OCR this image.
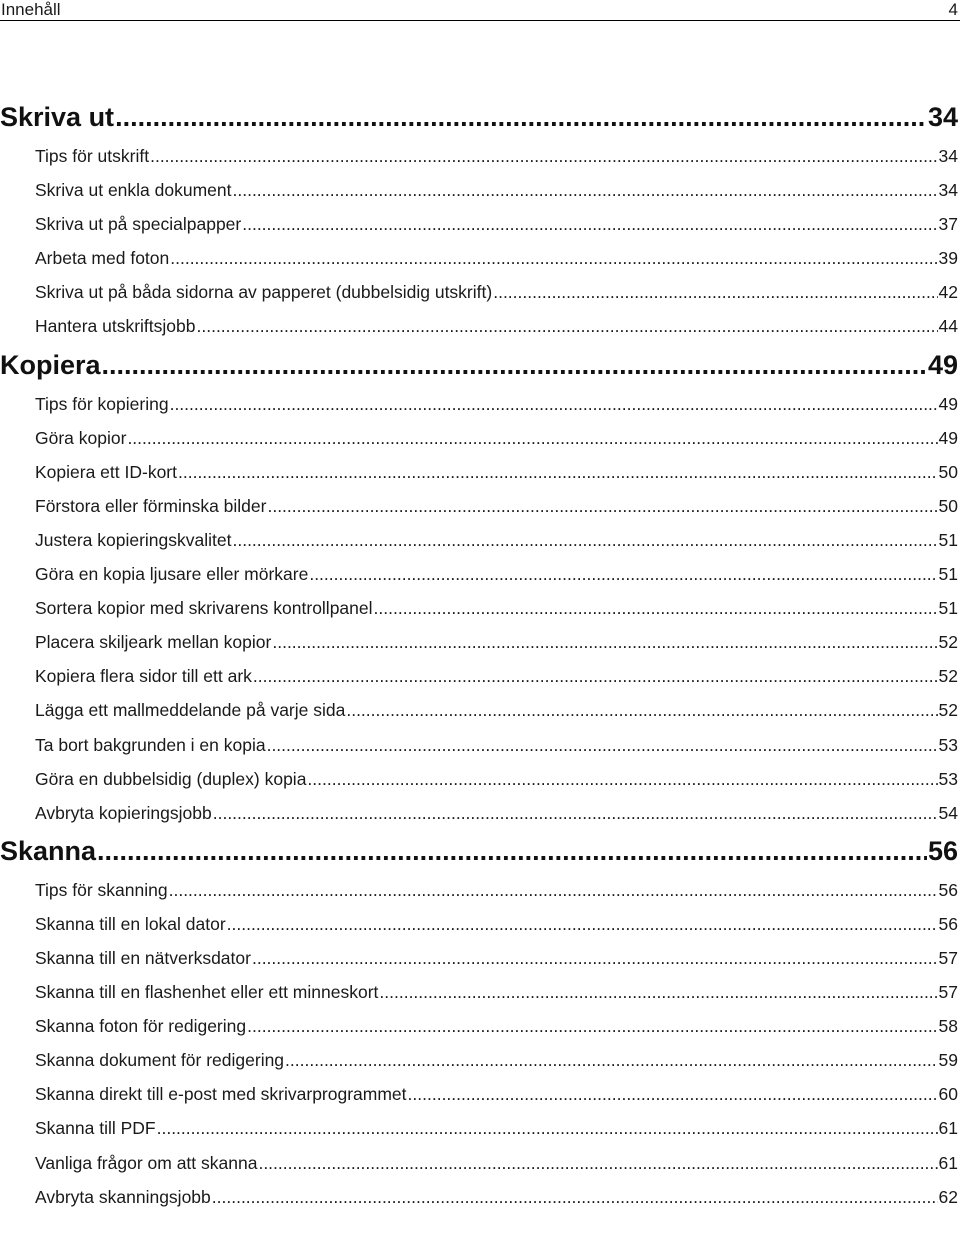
Innehåll	4
Skriva ut .....	34
Tips för utskrift .....	34
Skriva ut enkla dokument .....	34
Skriva ut på specialpapper .....	37
Arbeta med foton .....	39
Skriva ut på båda sidorna av papperet (dubbelsidig utskrift) .....	42
Hantera utskriftsjobb .....	44
Kopiera .....	49
Tips för kopiering .....	49
Göra kopior .....	49
Kopiera ett ID-kort .....	50
Förstora eller förminska bilder .....	50
Justera kopieringskvalitet .....	51
Göra en kopia ljusare eller mörkare .....	51
Sortera kopior med skrivarens kontrollpanel .....	51
Placera skiljeark mellan kopior .....	52
Kopiera flera sidor till ett ark .....	52
Lägga ett mallmeddelande på varje sida .....	52
Ta bort bakgrunden i en kopia .....	53
Göra en dubbelsidig (duplex) kopia .....	53
Avbryta kopieringsjobb .....	54
Skanna .....	56
Tips för skanning .....	56
Skanna till en lokal dator .....	56
Skanna till en nätverksdator .....	57
Skanna till en flashenhet eller ett minneskort .....	57
Skanna foton för redigering .....	58
Skanna dokument för redigering .....	59
Skanna direkt till e-post med skrivarprogrammet .....	60
Skanna till PDF .....	61
Vanliga frågor om att skanna .....	61
Avbryta skanningsjobb .....	62
